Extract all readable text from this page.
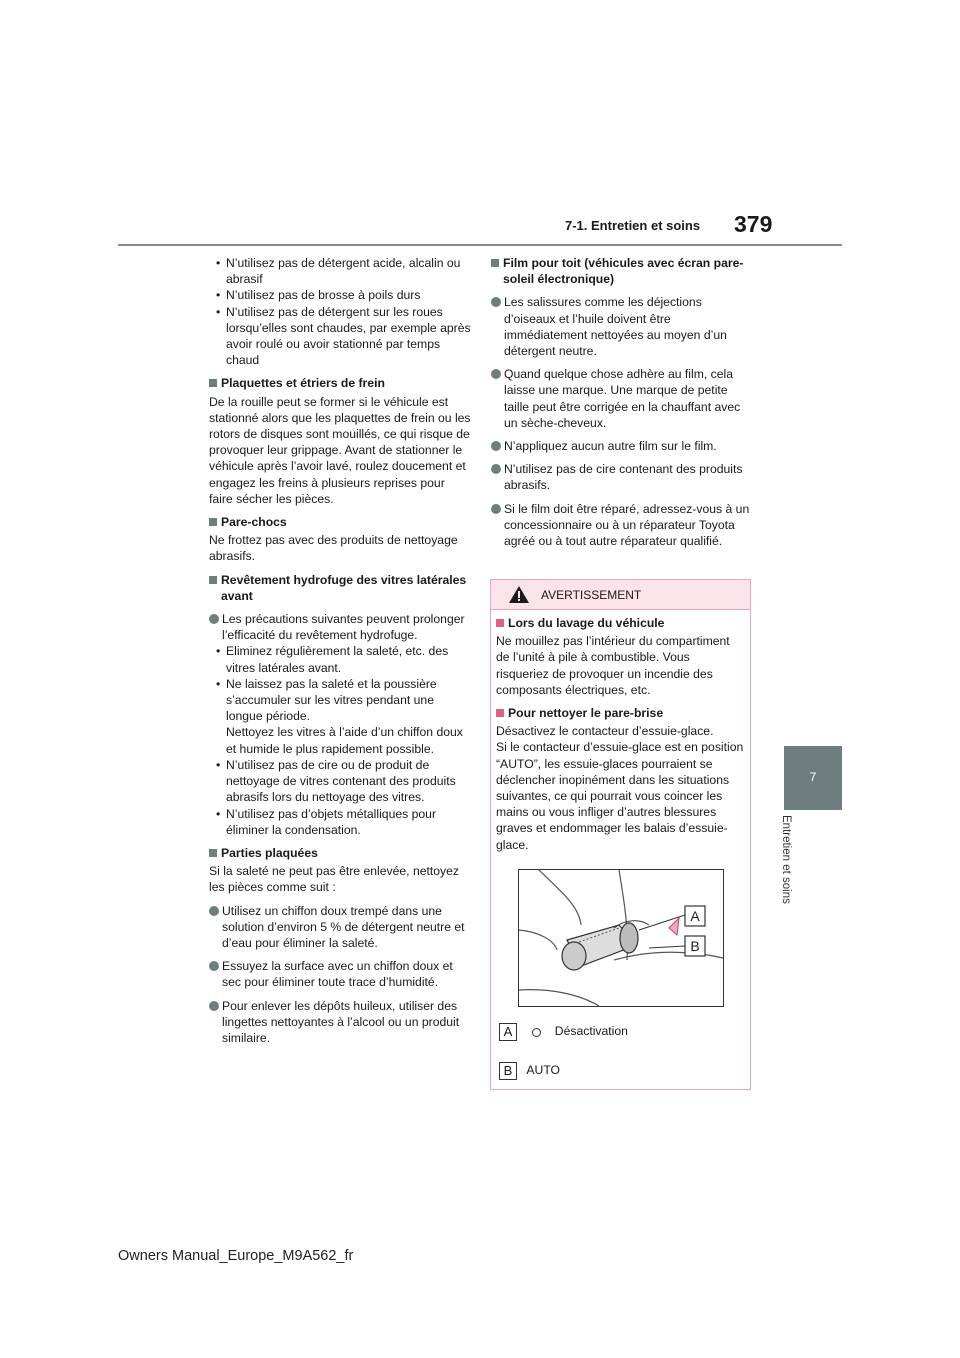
7-1. Entretien et soins 379
7
Entretien et soins

• N’utilisez pas de détergent acide, alcalin ou abrasif

• N’utilisez pas de brosse à poils durs

• N’utilisez pas de détergent sur les roues lorsqu’elles sont chaudes, par exemple après avoir roulé ou avoir stationné par temps chaud

Plaquettes et étriers de frein

De la rouille peut se former si le véhicule est stationné alors que les plaquettes de frein ou les rotors de disques sont mouillés, ce qui risque de provoquer leur grippage. Avant de stationner le véhicule après l’avoir lavé, roulez doucement et engagez les freins à plusieurs reprises pour faire sécher les pièces.

Pare-chocs

Ne frottez pas avec des produits de nettoyage abrasifs.

Revêtement hydrofuge des vitres latérales avant

Les précautions suivantes peuvent prolonger l’efficacité du revêtement hydrofuge.

• Eliminez régulièrement la saleté, etc. des vitres latérales avant.

• Ne laissez pas la saleté et la poussière s’accumuler sur les vitres pendant une longue période.

Nettoyez les vitres à l’aide d’un chiffon doux et humide le plus rapidement possible.

• N’utilisez pas de cire ou de produit de nettoyage de vitres contenant des produits abrasifs lors du nettoyage des vitres.

• N’utilisez pas d’objets métalliques pour éliminer la condensation.

Parties plaquées

Si la saleté ne peut pas être enlevée, nettoyez les pièces comme suit :

Utilisez un chiffon doux trempé dans une solution d’environ 5 % de détergent neutre et d’eau pour éliminer la saleté.

Essuyez la surface avec un chiffon doux et sec pour éliminer toute trace d’humidité.

Pour enlever les dépôts huileux, utiliser des lingettes nettoyantes à l’alcool ou un produit similaire.

Film pour toit (véhicules avec écran pare-soleil électronique)

Les salissures comme les déjections d’oiseaux et l’huile doivent être immédiatement nettoyées au moyen d’un détergent neutre.

Quand quelque chose adhère au film, cela laisse une marque. Une marque de petite taille peut être corrigée en la chauffant avec un sèche-cheveux.

N’appliquez aucun autre film sur le film.

N’utilisez pas de cire contenant des produits abrasifs.

Si le film doit être réparé, adressez-vous à un concessionnaire ou à un réparateur Toyota agréé ou à tout autre réparateur qualifié.

AVERTISSEMENT

Lors du lavage du véhicule

Ne mouillez pas l’intérieur du compartiment de l’unité à pile à combustible. Vous risqueriez de provoquer un incendie des composants électriques, etc.

Pour nettoyer le pare-brise

Désactivez le contacteur d’essuie-glace.

Si le contacteur d’essuie-glace est en position “AUTO”, les essuie-glaces pourraient se déclencher inopinément dans les situations suivantes, ce qui pourrait vous coincer les mains ou vous infliger d’autres blessures graves et endommager les balais d’essuie-glace.

A
B
A	Désactivation
B AUTO
Owners Manual_Europe_M9A562_fr
